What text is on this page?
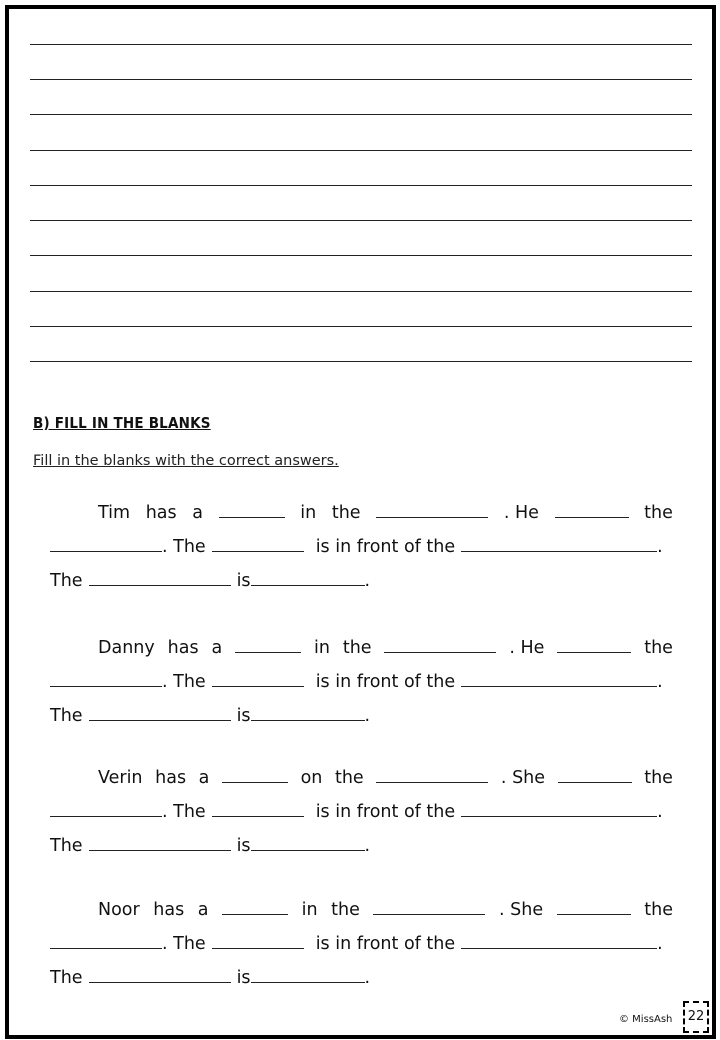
B) FILL IN THE BLANKS
Fill in the blanks with the correct answers.
Tim has a	in the	. He	the
. The	is in front of the	.
The	is	.
Danny has a	in the	. He	the
. The	is in front of the	.
The	is	.
Verin has a	on the	. She	the
. The	is in front of the	.
The	is	.
Noor has a	in the	. She	the
. The	is in front of the	.
The	is	.
© MissAsh	22
